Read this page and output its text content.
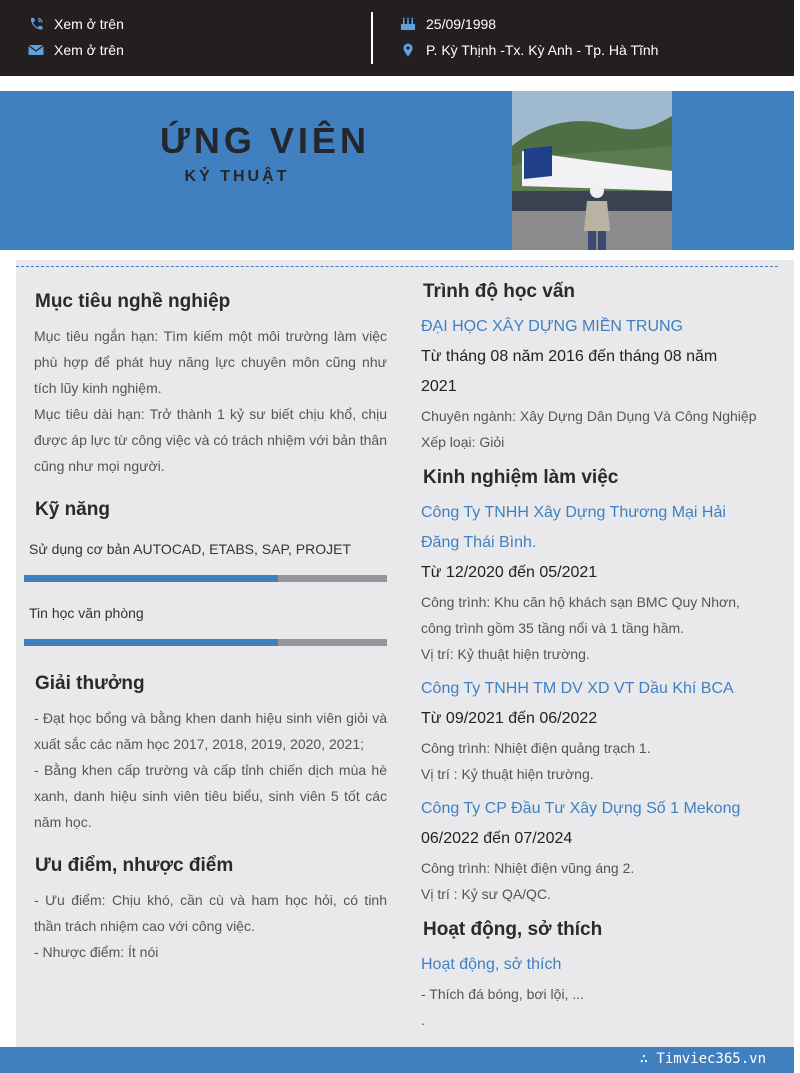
Xem ở trên
Xem ở trên
25/09/1998
P. Kỳ Thịnh -Tx. Kỳ Anh - Tp. Hà Tĩnh
ỨNG VIÊN
KỶ THUẬT
Mục tiêu nghề nghiệp
Mục tiêu ngắn hạn: Tìm kiếm một môi trường làm việc phù hợp để phát huy năng lực chuyên môn cũng như tích lũy kinh nghiệm.
Mục tiêu dài hạn: Trở thành 1 kỷ sư biết chịu khổ, chịu được áp lực từ công việc và có trách nhiệm với bản thân cũng như mọi người.
Kỹ năng
Sử dụng cơ bản AUTOCAD, ETABS, SAP, PROJET
Tin học văn phòng
Giải thưởng
- Đạt học bổng và bằng khen danh hiệu sinh viên giỏi và xuất sắc các năm học 2017, 2018, 2019, 2020, 2021;
- Bằng khen cấp trường và cấp tỉnh chiến dịch mùa hè xanh, danh hiệu sinh viên tiêu biểu, sinh viên 5 tốt các năm học.
Ưu điểm, nhược điểm
- Ưu điểm: Chịu khó, cần cù và ham học hỏi, có tinh thần trách nhiệm cao với công việc.
- Nhược điểm: Ít nói
Trình độ học vấn
ĐẠI HỌC XÂY DỰNG MIỀN TRUNG
Từ tháng 08 năm 2016 đến tháng 08 năm 2021
Chuyên ngành: Xây Dựng Dân Dụng Và Công Nghiệp
Xếp loại: Giỏi
Kinh nghiệm làm việc
Công Ty TNHH Xây Dựng Thương Mại Hải Đăng Thái Bình.
Từ 12/2020 đến 05/2021
Công trình: Khu căn hộ khách sạn BMC Quy Nhơn, công trình gồm 35 tầng nổi và 1 tầng hầm.
Vị trí: Kỷ thuật hiện trường.
Công Ty TNHH TM DV XD VT Dầu Khí BCA
Từ 09/2021 đến 06/2022
Công trình: Nhiệt điện quảng trạch 1.
Vị trí : Kỷ thuật hiện trường.
Công Ty CP Đầu Tư Xây Dựng Số 1 Mekong
06/2022 đến 07/2024
Công trình: Nhiệt điện vũng áng 2.
Vị trí : Kỷ sư QA/QC.
Hoạt động, sở thích
Hoạt động, sở thích
- Thích đá bóng, bơi lội, ...
.
∴ Timviec365.vn
